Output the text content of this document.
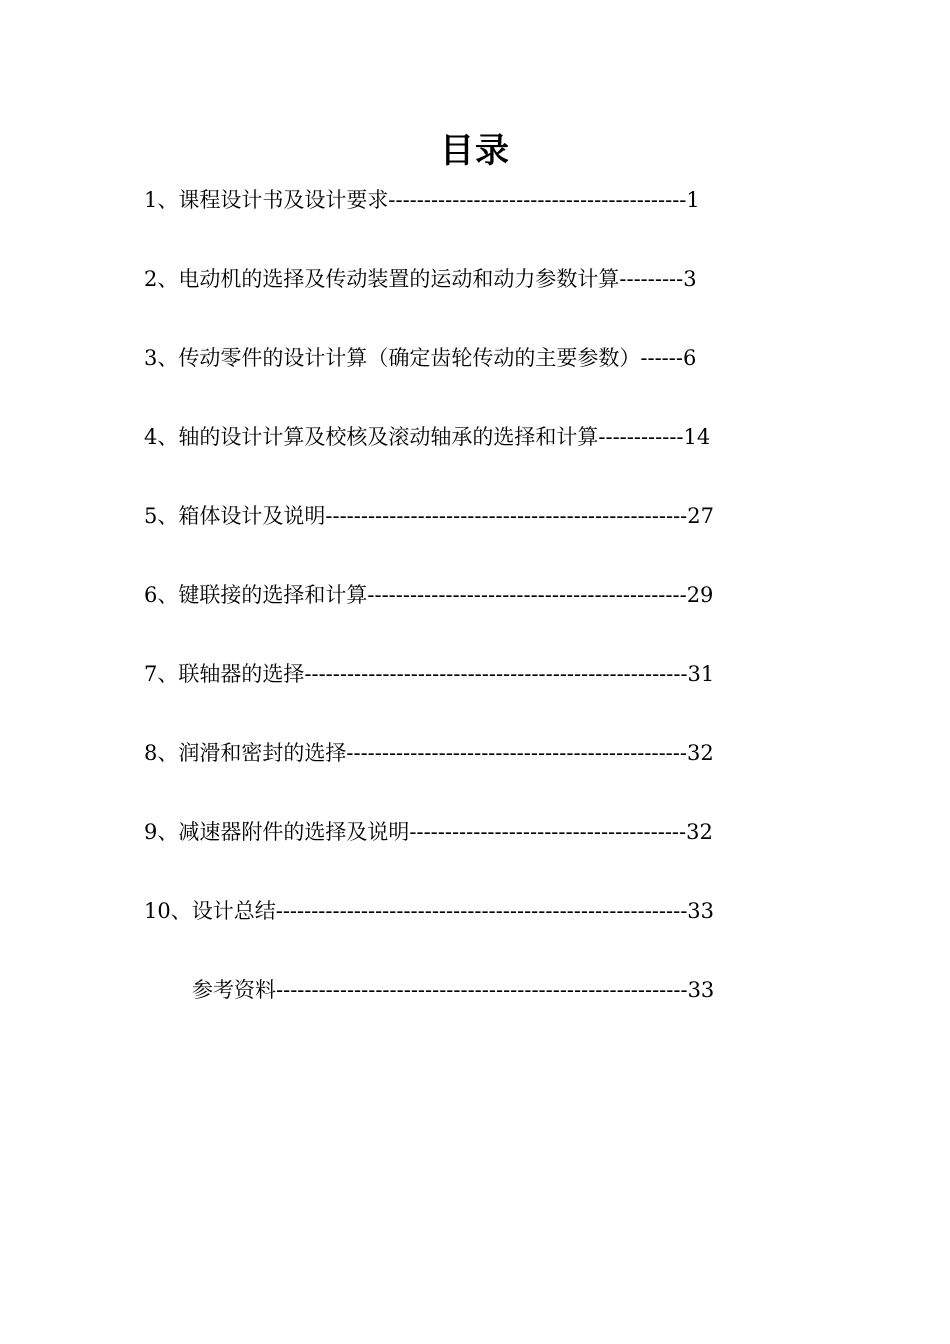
目录
1、课程设计书及设计要求------------------------------------------1
2、电动机的选择及传动装置的运动和动力参数计算---------3
3、传动零件的设计计算（确定齿轮传动的主要参数）------6
4、轴的设计计算及校核及滚动轴承的选择和计算------------14
5、箱体设计及说明---------------------------------------------------27
6、键联接的选择和计算---------------------------------------------29
7、联轴器的选择------------------------------------------------------31
8、润滑和密封的选择------------------------------------------------32
9、减速器附件的选择及说明---------------------------------------32
10、设计总结----------------------------------------------------------33
参考资料----------------------------------------------------------33
